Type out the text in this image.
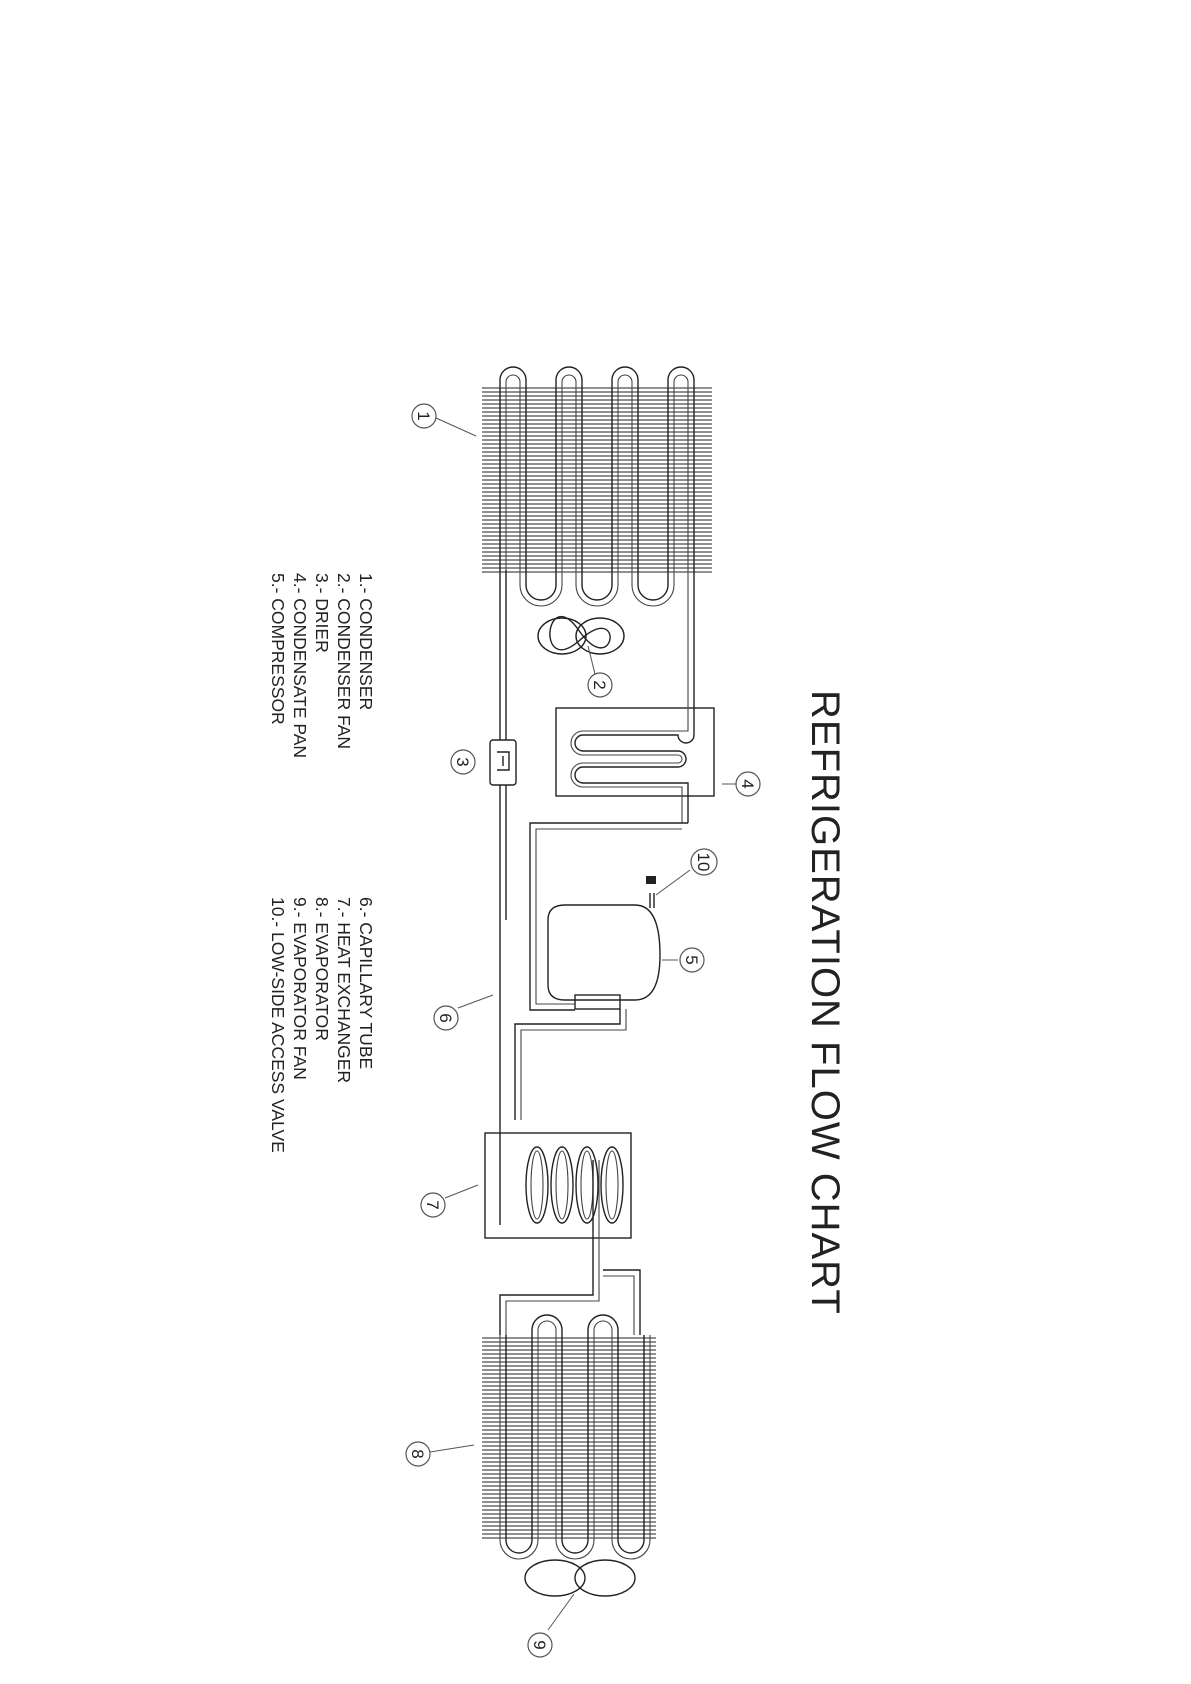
REFRIGERATION FLOW CHART
1.- CONDENSER
2.- CONDENSER FAN
3.- DRIER
4.- CONDENSATE PAN
5.- COMPRESSOR
6.- CAPILLARY TUBE
7.- HEAT EXCHANGER
8.- EVAPORATOR
9.- EVAPORATOR FAN
10.- LOW-SIDE ACCESS VALVE
1
2
3
4
5
6
7
8
9
10
